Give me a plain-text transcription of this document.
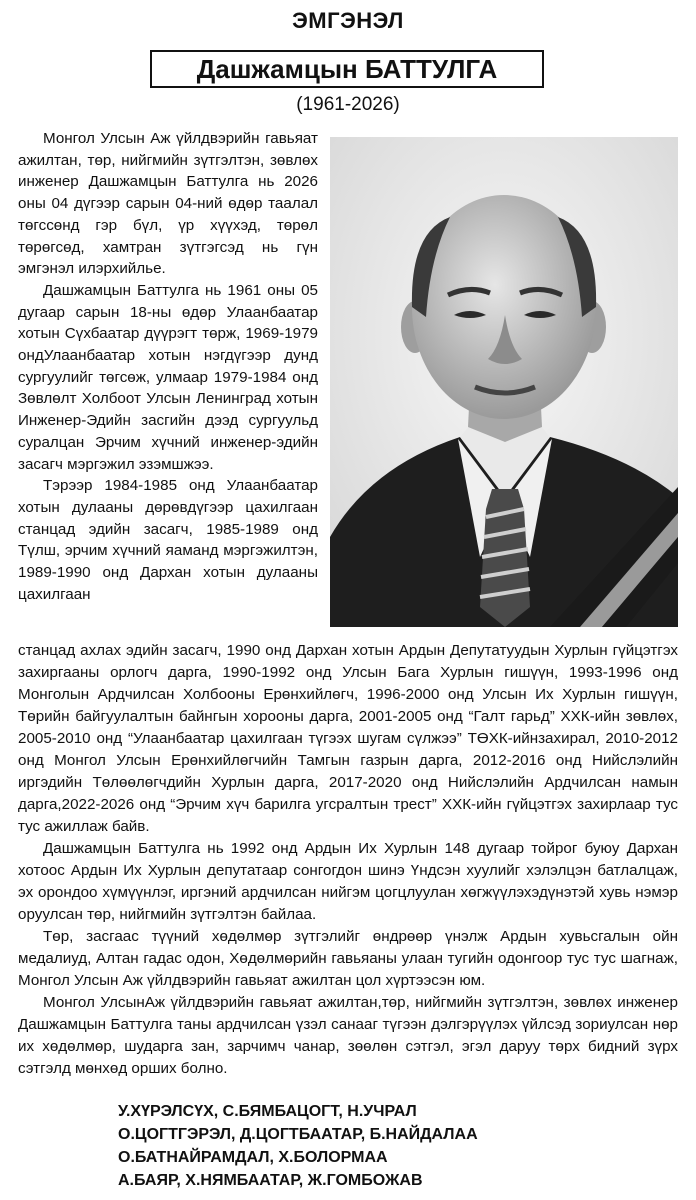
ЭМГЭНЭЛ
Дашжамцын БАТТУЛГА
(1961-2026)

Монгол Улсын Аж үйлдвэрийн гавьяат ажилтан, төр, нийгмийн зүтгэлтэн, зөвлөх инженер Дашжамцын Баттулга нь 2026 оны 04 дүгээр сарын 04-ний өдөр таалал төгссөнд гэр бүл, үр хүүхэд, төрөл төрөгсөд, хамтран зүтгэгсэд нь гүн эмгэнэл илэрхийлье.

Дашжамцын Баттулга нь 1961 оны 05 дугаар сарын 18-ны өдөр Улаанбаатар хотын Сүхбаатар дүүрэгт төрж, 1969-1979 ондУлаанбаатар хотын нэгдүгээр дунд сургуулийг төгсөж, улмаар 1979-1984 онд Зөвлөлт Холбоот Улсын Ленинград хотын Инженер-Эдийн засгийн дээд сургуульд суралцан Эрчим хүчний инженер-эдийн засагч мэргэжил эзэмшжээ.

Тэрээр 1984-1985 онд Улаанбаатар хотын дулааны дөрөвдүгээр цахилгаан станцад эдийн засагч, 1985-1989 онд Түлш, эрчим хүчний яаманд мэргэжилтэн, 1989-1990 онд Дархан хотын дулааны цахилгаан

станцад ахлах эдийн засагч, 1990 онд Дархан хотын Ардын Депутатуудын Хурлын гүйцэтгэх захиргааны орлогч дарга, 1990-1992 онд Улсын Бага Хурлын гишүүн, 1993-1996 онд Монголын Ардчилсан Холбооны Ерөнхийлөгч, 1996-2000 онд Улсын Их Хурлын гишүүн, Төрийн байгуулалтын байнгын хорооны дарга, 2001-2005 онд “Галт гарьд” ХХК-ийн зөвлөх, 2005-2010 онд “Улаанбаатар цахилгаан түгээх шугам сүлжээ” ТӨХК-ийнзахирал, 2010-2012 онд Монгол Улсын Ерөнхийлөгчийн Тамгын газрын дарга, 2012-2016 онд Нийслэлийн иргэдийн Төлөөлөгчдийн Хурлын дарга, 2017-2020 онд Нийслэлийн Ардчилсан намын дарга,2022-2026 онд “Эрчим хүч барилга угсралтын трест” ХХК-ийн гүйцэтгэх захирлаар тус тус ажиллаж байв.

Дашжамцын Баттулга нь 1992 онд Ардын Их Хурлын 148 дугаар тойрог буюу Дархан хотоос Ардын Их Хурлын депутатаар сонгогдон шинэ Үндсэн хуулийг хэлэлцэн батлалцаж, эх орондоо хүмүүнлэг, иргэний ардчилсан нийгэм цогцлуулан хөгжүүлэхэдүнэтэй хувь нэмэр оруулсан төр, нийгмийн зүтгэлтэн байлаа.

Төр, засгаас түүний хөдөлмөр зүтгэлийг өндрөөр үнэлж Ардын хувьсгалын ойн медалиуд, Алтан гадас одон, Хөдөлмөрийн гавьяаны улаан тугийн одонгоор тус тус шагнаж, Монгол Улсын Аж үйлдвэрийн гавьяат ажилтан цол хүртээсэн юм.

Монгол УлсынАж үйлдвэрийн гавьяат ажилтан,төр, нийгмийн зүтгэлтэн, зөвлөх инженер Дашжамцын Баттулга таны ардчилсан үзэл санааг түгээн дэлгэрүүлэх үйлсэд зориулсан нөр их хөдөлмөр, шударга зан, зарчимч чанар, зөөлөн сэтгэл, эгэл даруу төрх бидний зүрх сэтгэлд мөнхөд орших болно.

У.ХҮРЭЛСҮХ, С.БЯМБАЦОГТ, Н.УЧРАЛ
О.ЦОГТГЭРЭЛ, Д.ЦОГТБААТАР, Б.НАЙДАЛАА
О.БАТНАЙРАМДАЛ, Х.БОЛОРМАА
А.БАЯР, Х.НЯМБААТАР, Ж.ГОМБОЖАВ
